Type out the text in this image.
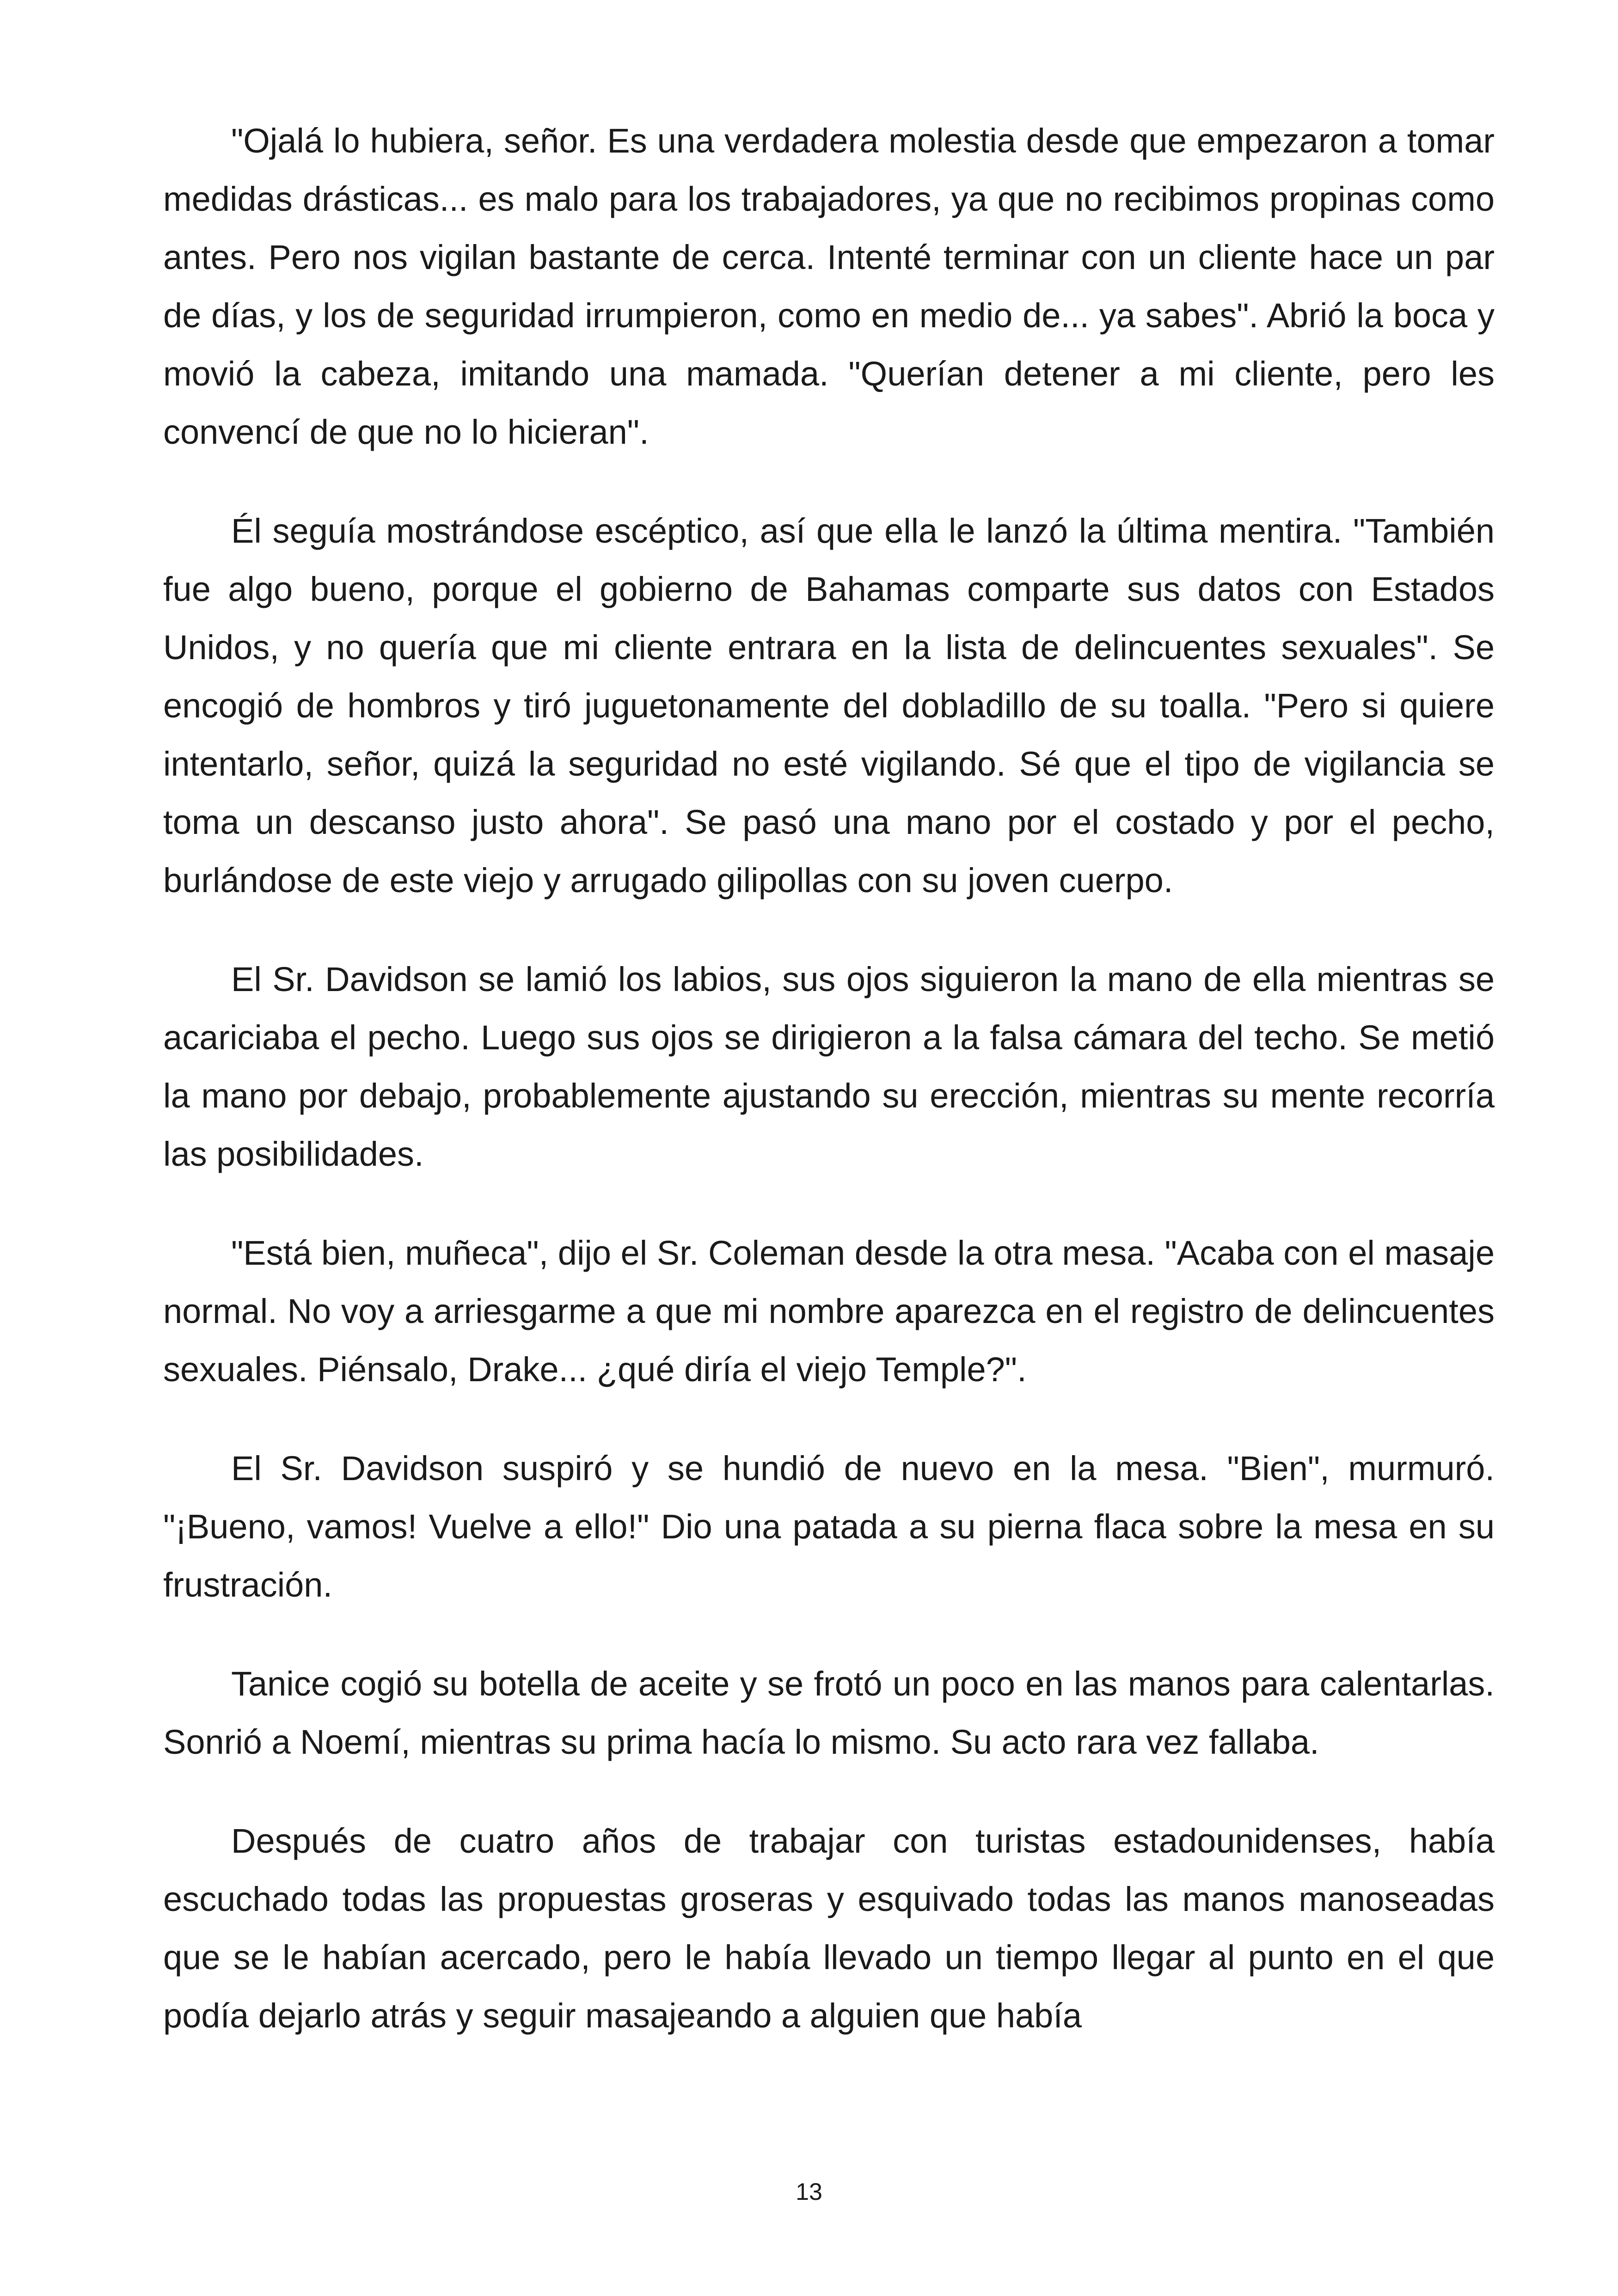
"Ojalá lo hubiera, señor. Es una verdadera molestia desde que empezaron a tomar medidas drásticas... es malo para los trabajadores, ya que no recibimos propinas como antes. Pero nos vigilan bastante de cerca. Intenté terminar con un cliente hace un par de días, y los de seguridad irrumpieron, como en medio de... ya sabes". Abrió la boca y movió la cabeza, imitando una mamada. "Querían detener a mi cliente, pero les convencí de que no lo hicieran".

Él seguía mostrándose escéptico, así que ella le lanzó la última mentira. "También fue algo bueno, porque el gobierno de Bahamas comparte sus datos con Estados Unidos, y no quería que mi cliente entrara en la lista de delincuentes sexuales". Se encogió de hombros y tiró juguetonamente del dobladillo de su toalla. "Pero si quiere intentarlo, señor, quizá la seguridad no esté vigilando. Sé que el tipo de vigilancia se toma un descanso justo ahora". Se pasó una mano por el costado y por el pecho, burlándose de este viejo y arrugado gilipollas con su joven cuerpo.

El Sr. Davidson se lamió los labios, sus ojos siguieron la mano de ella mientras se acariciaba el pecho. Luego sus ojos se dirigieron a la falsa cámara del techo. Se metió la mano por debajo, probablemente ajustando su erección, mientras su mente recorría las posibilidades.

"Está bien, muñeca", dijo el Sr. Coleman desde la otra mesa. "Acaba con el masaje normal. No voy a arriesgarme a que mi nombre aparezca en el registro de delincuentes sexuales. Piénsalo, Drake... ¿qué diría el viejo Temple?".

El Sr. Davidson suspiró y se hundió de nuevo en la mesa. "Bien", murmuró. "¡Bueno, vamos! Vuelve a ello!" Dio una patada a su pierna flaca sobre la mesa en su frustración.

Tanice cogió su botella de aceite y se frotó un poco en las manos para calentarlas. Sonrió a Noemí, mientras su prima hacía lo mismo. Su acto rara vez fallaba.

Después de cuatro años de trabajar con turistas estadounidenses, había escuchado todas las propuestas groseras y esquivado todas las manos manoseadas que se le habían acercado, pero le había llevado un tiempo llegar al punto en el que podía dejarlo atrás y seguir masajeando a alguien que había

13
